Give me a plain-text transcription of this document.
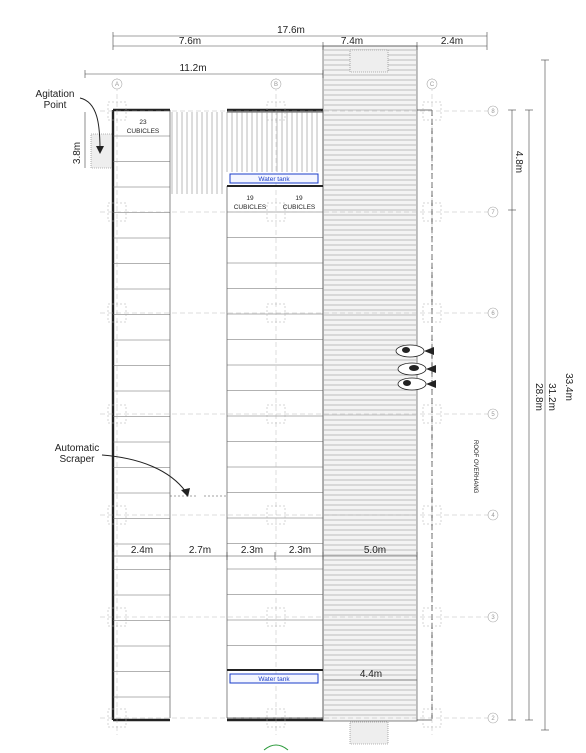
A	B	C
8
7
6
5
4
3
2
Water tank
Water tank
23
CUBICLES
19
CUBICLES
19
CUBICLES
17.6m
7.6m	7.4m	2.4m
11.2m
2.4m	2.7m	2.3m	2.3m	5.0m
4.4m
33.4m
31.2m
28.8m
4.8m
3.8m
Agitation
Point
Automatic
Scraper	ROOF OVERHANG
